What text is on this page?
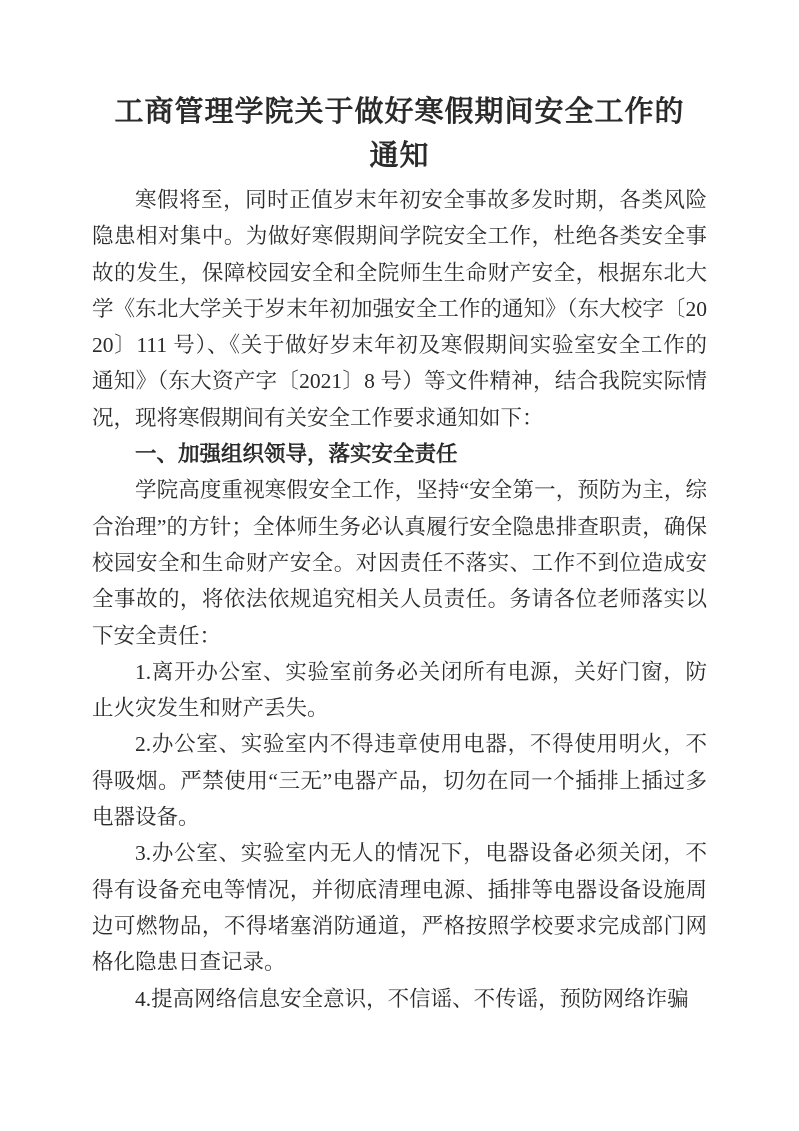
工商管理学院关于做好寒假期间安全工作的
通知

寒假将至，同时正值岁末年初安全事故多发时期，各类风险隐患相对集中。为做好寒假期间学院安全工作，杜绝各类安全事故的发生，保障校园安全和全院师生生命财产安全，根据东北大学《东北大学关于岁末年初加强安全工作的通知》（东大校字〔2020〕111 号）、《关于做好岁末年初及寒假期间实验室安全工作的通知》（东大资产字〔2021〕8 号）等文件精神，结合我院实际情况，现将寒假期间有关安全工作要求通知如下：

一、加强组织领导，落实安全责任

学院高度重视寒假安全工作，坚持“安全第一，预防为主，综合治理”的方针；全体师生务必认真履行安全隐患排查职责，确保校园安全和生命财产安全。对因责任不落实、工作不到位造成安全事故的，将依法依规追究相关人员责任。务请各位老师落实以下安全责任：

1.离开办公室、实验室前务必关闭所有电源，关好门窗，防止火灾发生和财产丢失。

2.办公室、实验室内不得违章使用电器，不得使用明火，不得吸烟。严禁使用“三无”电器产品，切勿在同一个插排上插过多电器设备。

3.办公室、实验室内无人的情况下，电器设备必须关闭，不得有设备充电等情况，并彻底清理电源、插排等电器设备设施周边可燃物品，不得堵塞消防通道，严格按照学校要求完成部门网格化隐患日查记录。

4.提高网络信息安全意识，不信谣、不传谣，预防网络诈骗
